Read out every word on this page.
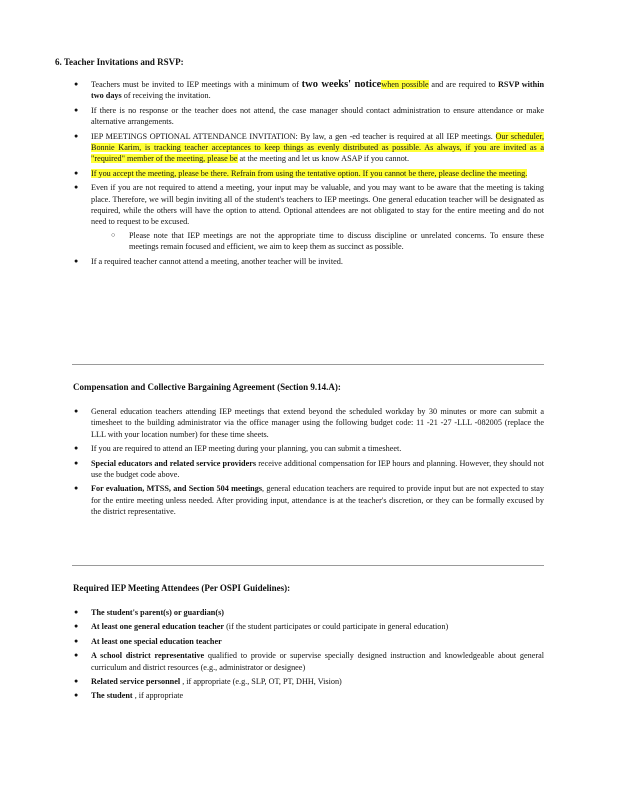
6. Teacher Invitations and RSVP:
● Teachers must be invited to IEP meetings with a minimum of two weeks' noticewhen possible and are required to RSVP within two days of receiving the invitation.
● If there is no response or the teacher does not attend, the case manager should contact administration to ensure attendance or make alternative arrangements.
● IEP MEETINGS OPTIONAL ATTENDANCE INVITATION: By law, a gen -ed teacher is required at all IEP meetings. Our scheduler, Bonnie Karim, is tracking teacher acceptances to keep things as evenly distributed as possible. As always, if you are invited as a "required" member of the meeting, please be at the meeting and let us know ASAP if you cannot.
● If you accept the meeting, please be there. Refrain from using the tentative option. If you cannot be there, please decline the meeting.
● Even if you are not required to attend a meeting, your input may be valuable, and you may want to be aware that the meeting is taking place. Therefore, we will begin inviting all of the student's teachers to IEP meetings. One general education teacher will be designated as required, while the others will have the option to attend. Optional attendees are not obligated to stay for the entire meeting and do not need to request to be excused.
○ Please note that IEP meetings are not the appropriate time to discuss discipline or unrelated concerns. To ensure these meetings remain focused and efficient, we aim to keep them as succinct as possible.
● If a required teacher cannot attend a meeting, another teacher will be invited.
Compensation and Collective Bargaining Agreement (Section 9.14.A):
● General education teachers attending IEP meetings that extend beyond the scheduled workday by 30 minutes or more can submit a timesheet to the building administrator via the office manager using the following budget code: 11 -21 -27 -LLL -082005 (replace the LLL with your location number) for these time sheets.
● If you are required to attend an IEP meeting during your planning, you can submit a timesheet.
● Special educators and related service providers receive additional compensation for IEP hours and planning. However, they should not use the budget code above.
● For evaluation, MTSS, and Section 504 meetings, general education teachers are required to provide input but are not expected to stay for the entire meeting unless needed. After providing input, attendance is at the teacher's discretion, or they can be formally excused by the district representative.
Required IEP Meeting Attendees (Per OSPI Guidelines):
● The student's parent(s) or guardian(s)
● At least one general education teacher (if the student participates or could participate in general education)
● At least one special education teacher
● A school district representative qualified to provide or supervise specially designed instruction and knowledgeable about general curriculum and district resources (e.g., administrator or designee)
● Related service personnel , if appropriate (e.g., SLP, OT, PT, DHH, Vision)
● The student , if appropriate
